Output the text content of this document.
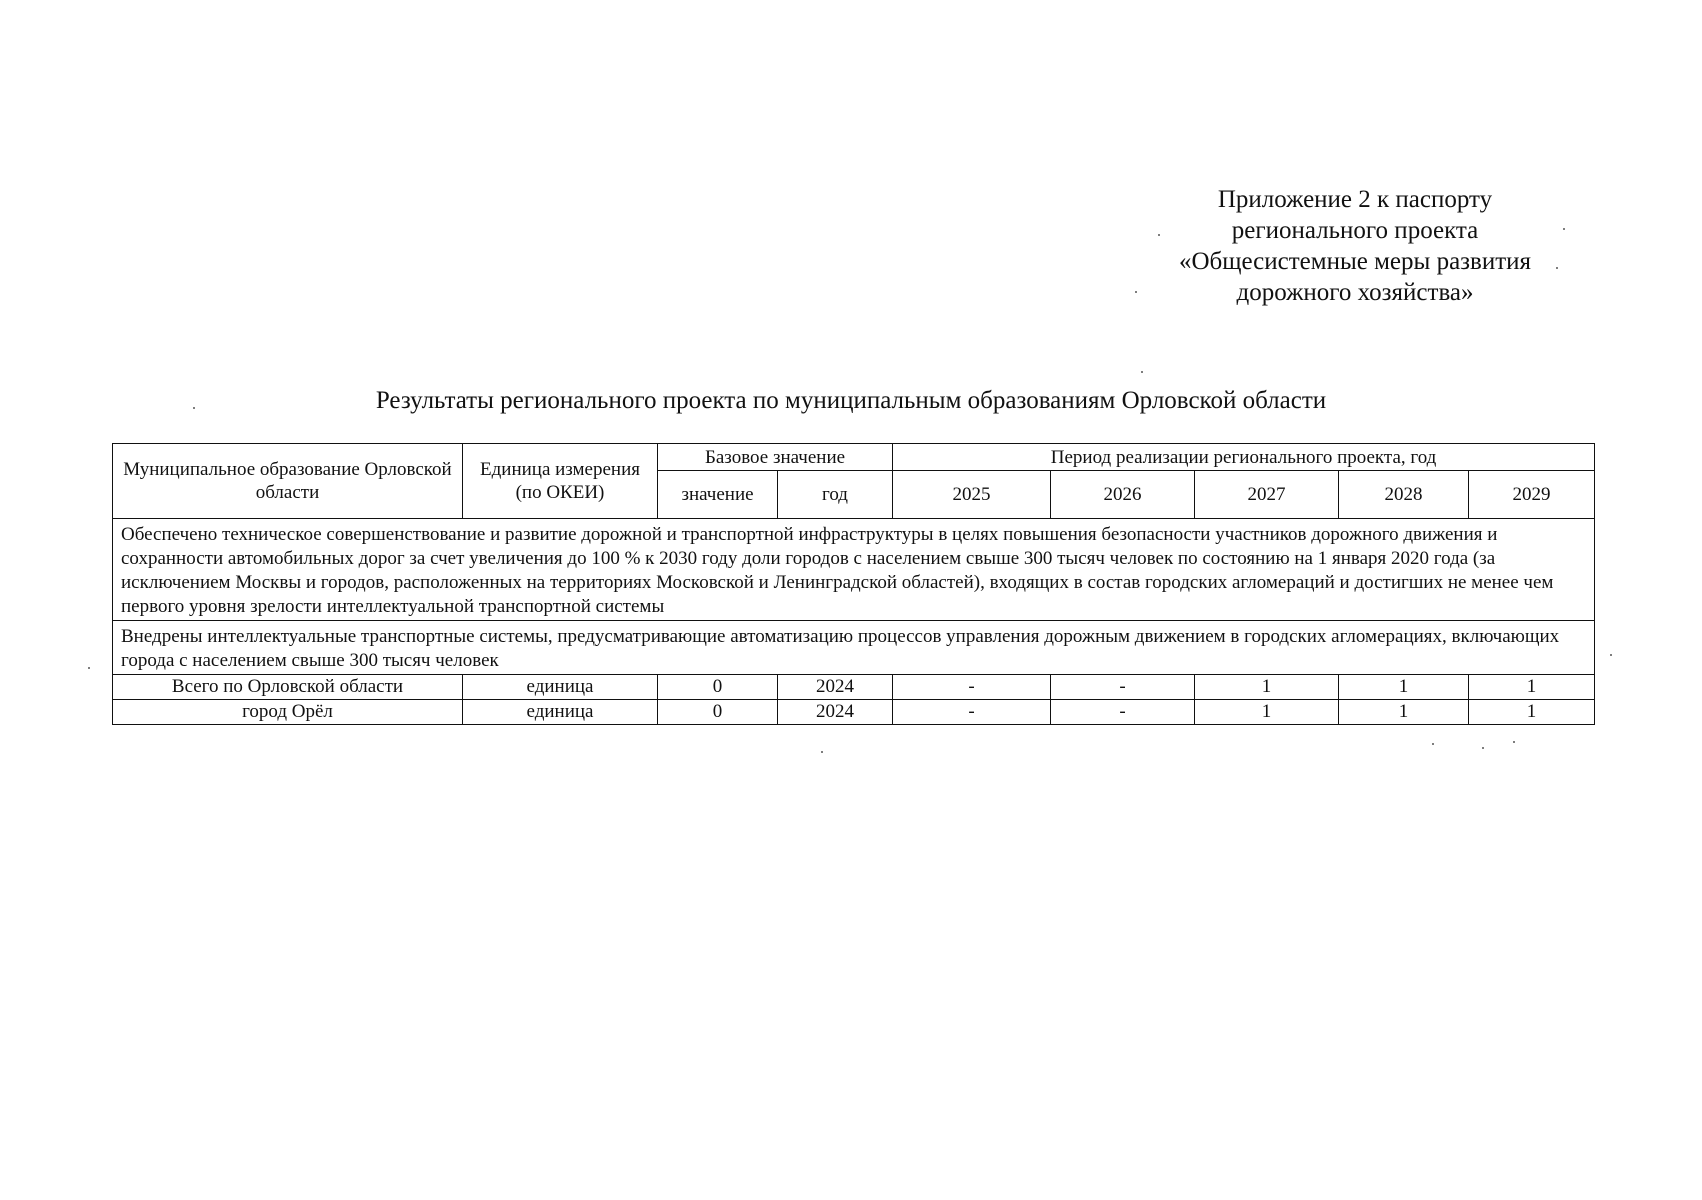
Приложение 2 к паспорту
регионального проекта
«Общесистемные меры развития
дорожного хозяйства»
Результаты регионального проекта по муниципальным образованиям Орловской области
Муниципальное образование Орловской области	Единица измерения (по ОКЕИ)	Базовое значение		Период реализации регионального проекта, год				
		значение	год	2025	2026	2027	2028	2029
Обеспечено техническое совершенствование и развитие дорожной и транспортной инфраструктуры в целях повышения безопасности участников дорожного движения и сохранности автомобильных дорог за счет увеличения до 100 % к 2030 году доли городов с населением свыше 300 тысяч человек по состоянию на 1 января 2020 года (за исключением Москвы и городов, расположенных на территориях Московской и Ленинградской областей), входящих в состав городских агломераций и достигших не менее чем первого уровня зрелости интеллектуальной транспортной системы								
Внедрены интеллектуальные транспортные системы, предусматривающие автоматизацию процессов управления дорожным движением в городских агломерациях, включающих города с населением свыше 300 тысяч человек								
Всего по Орловской области	единица	0	2024	-	-	1	1	1
город Орёл	единица	0	2024	-	-	1	1	1
